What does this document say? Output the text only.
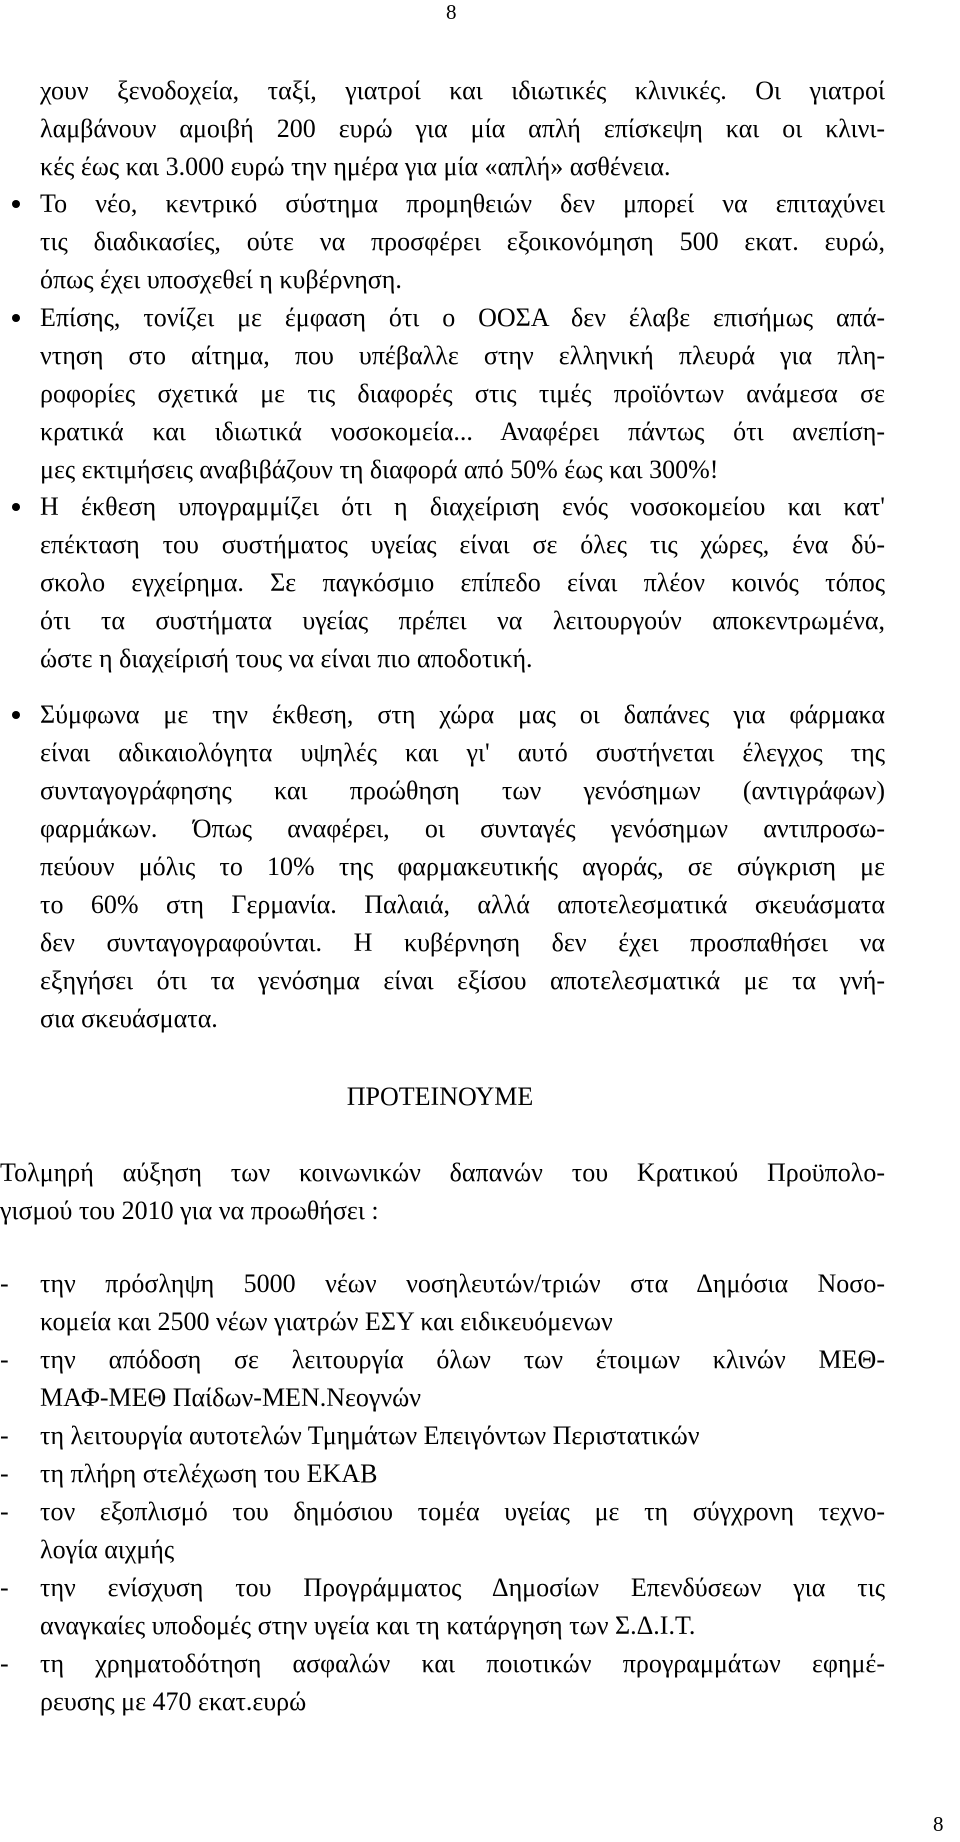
8
χουν ξενοδοχεία, ταξί, γιατροί και ιδιωτικές κλινικές. Οι γιατροί
λαμβάνουν αμοιβή 200 ευρώ για μία απλή επίσκεψη και οι κλινι-
κές έως και 3.000 ευρώ την ημέρα για μία «απλή» ασθένεια.
Το νέο, κεντρικό σύστημα προμηθειών δεν μπορεί να επιταχύνει
τις διαδικασίες, ούτε να προσφέρει εξοικονόμηση 500 εκατ. ευρώ,
όπως έχει υποσχεθεί η κυβέρνηση.
Επίσης, τονίζει με έμφαση ότι ο ΟΟΣΑ δεν έλαβε επισήμως απά-
ντηση στο αίτημα, που υπέβαλλε στην ελληνική πλευρά για πλη-
ροφορίες σχετικά με τις διαφορές στις τιμές προϊόντων ανάμεσα σε
κρατικά και ιδιωτικά νοσοκομεία... Αναφέρει πάντως ότι ανεπίση-
μες εκτιμήσεις αναβιβάζουν τη διαφορά από 50% έως και 300%!
Η έκθεση υπογραμμίζει ότι η διαχείριση ενός νοσοκομείου και κατ'
επέκταση του συστήματος υγείας είναι σε όλες τις χώρες, ένα δύ-
σκολο εγχείρημα. Σε παγκόσμιο επίπεδο είναι πλέον κοινός τόπος
ότι τα συστήματα υγείας πρέπει να λειτουργούν αποκεντρωμένα,
ώστε η διαχείρισή τους να είναι πιο αποδοτική.
Σύμφωνα με την έκθεση, στη χώρα μας οι δαπάνες για φάρμακα
είναι αδικαιολόγητα υψηλές και γι' αυτό συστήνεται έλεγχος της
συνταγογράφησης και προώθηση των γενόσημων (αντιγράφων)
φαρμάκων. Όπως αναφέρει, οι συνταγές γενόσημων αντιπροσω-
πεύουν μόλις το 10% της φαρμακευτικής αγοράς, σε σύγκριση με
το 60% στη Γερμανία. Παλαιά, αλλά αποτελεσματικά σκευάσματα
δεν συνταγογραφούνται. Η κυβέρνηση δεν έχει προσπαθήσει να
εξηγήσει ότι τα γενόσημα είναι εξίσου αποτελεσματικά με τα γνή-
σια σκευάσματα.
ΠΡΟΤΕΙΝΟΥΜΕ
Τολμηρή αύξηση των κοινωνικών δαπανών του Κρατικού Προϋπολο-
γισμού του 2010 για να προωθήσει :
- την πρόσληψη 5000 νέων νοσηλευτών/τριών στα Δημόσια Νοσο-
κομεία και 2500 νέων γιατρών ΕΣΥ και ειδικευόμενων
- την απόδοση σε λειτουργία όλων των έτοιμων κλινών ΜΕΘ-
ΜΑΦ-ΜΕΘ Παίδων-ΜΕΝ.Νεογνών
- τη λειτουργία αυτοτελών Τμημάτων Επειγόντων Περιστατικών
- τη πλήρη στελέχωση του ΕΚΑΒ
- τον εξοπλισμό του δημόσιου τομέα υγείας με τη σύγχρονη τεχνο-
λογία αιχμής
- την ενίσχυση του Προγράμματος Δημοσίων Επενδύσεων για τις
αναγκαίες υποδομές στην υγεία και τη κατάργηση των Σ.Δ.Ι.Τ.
- τη χρηματοδότηση ασφαλών και ποιοτικών προγραμμάτων εφημέ-
ρευσης με 470 εκατ.ευρώ
8
